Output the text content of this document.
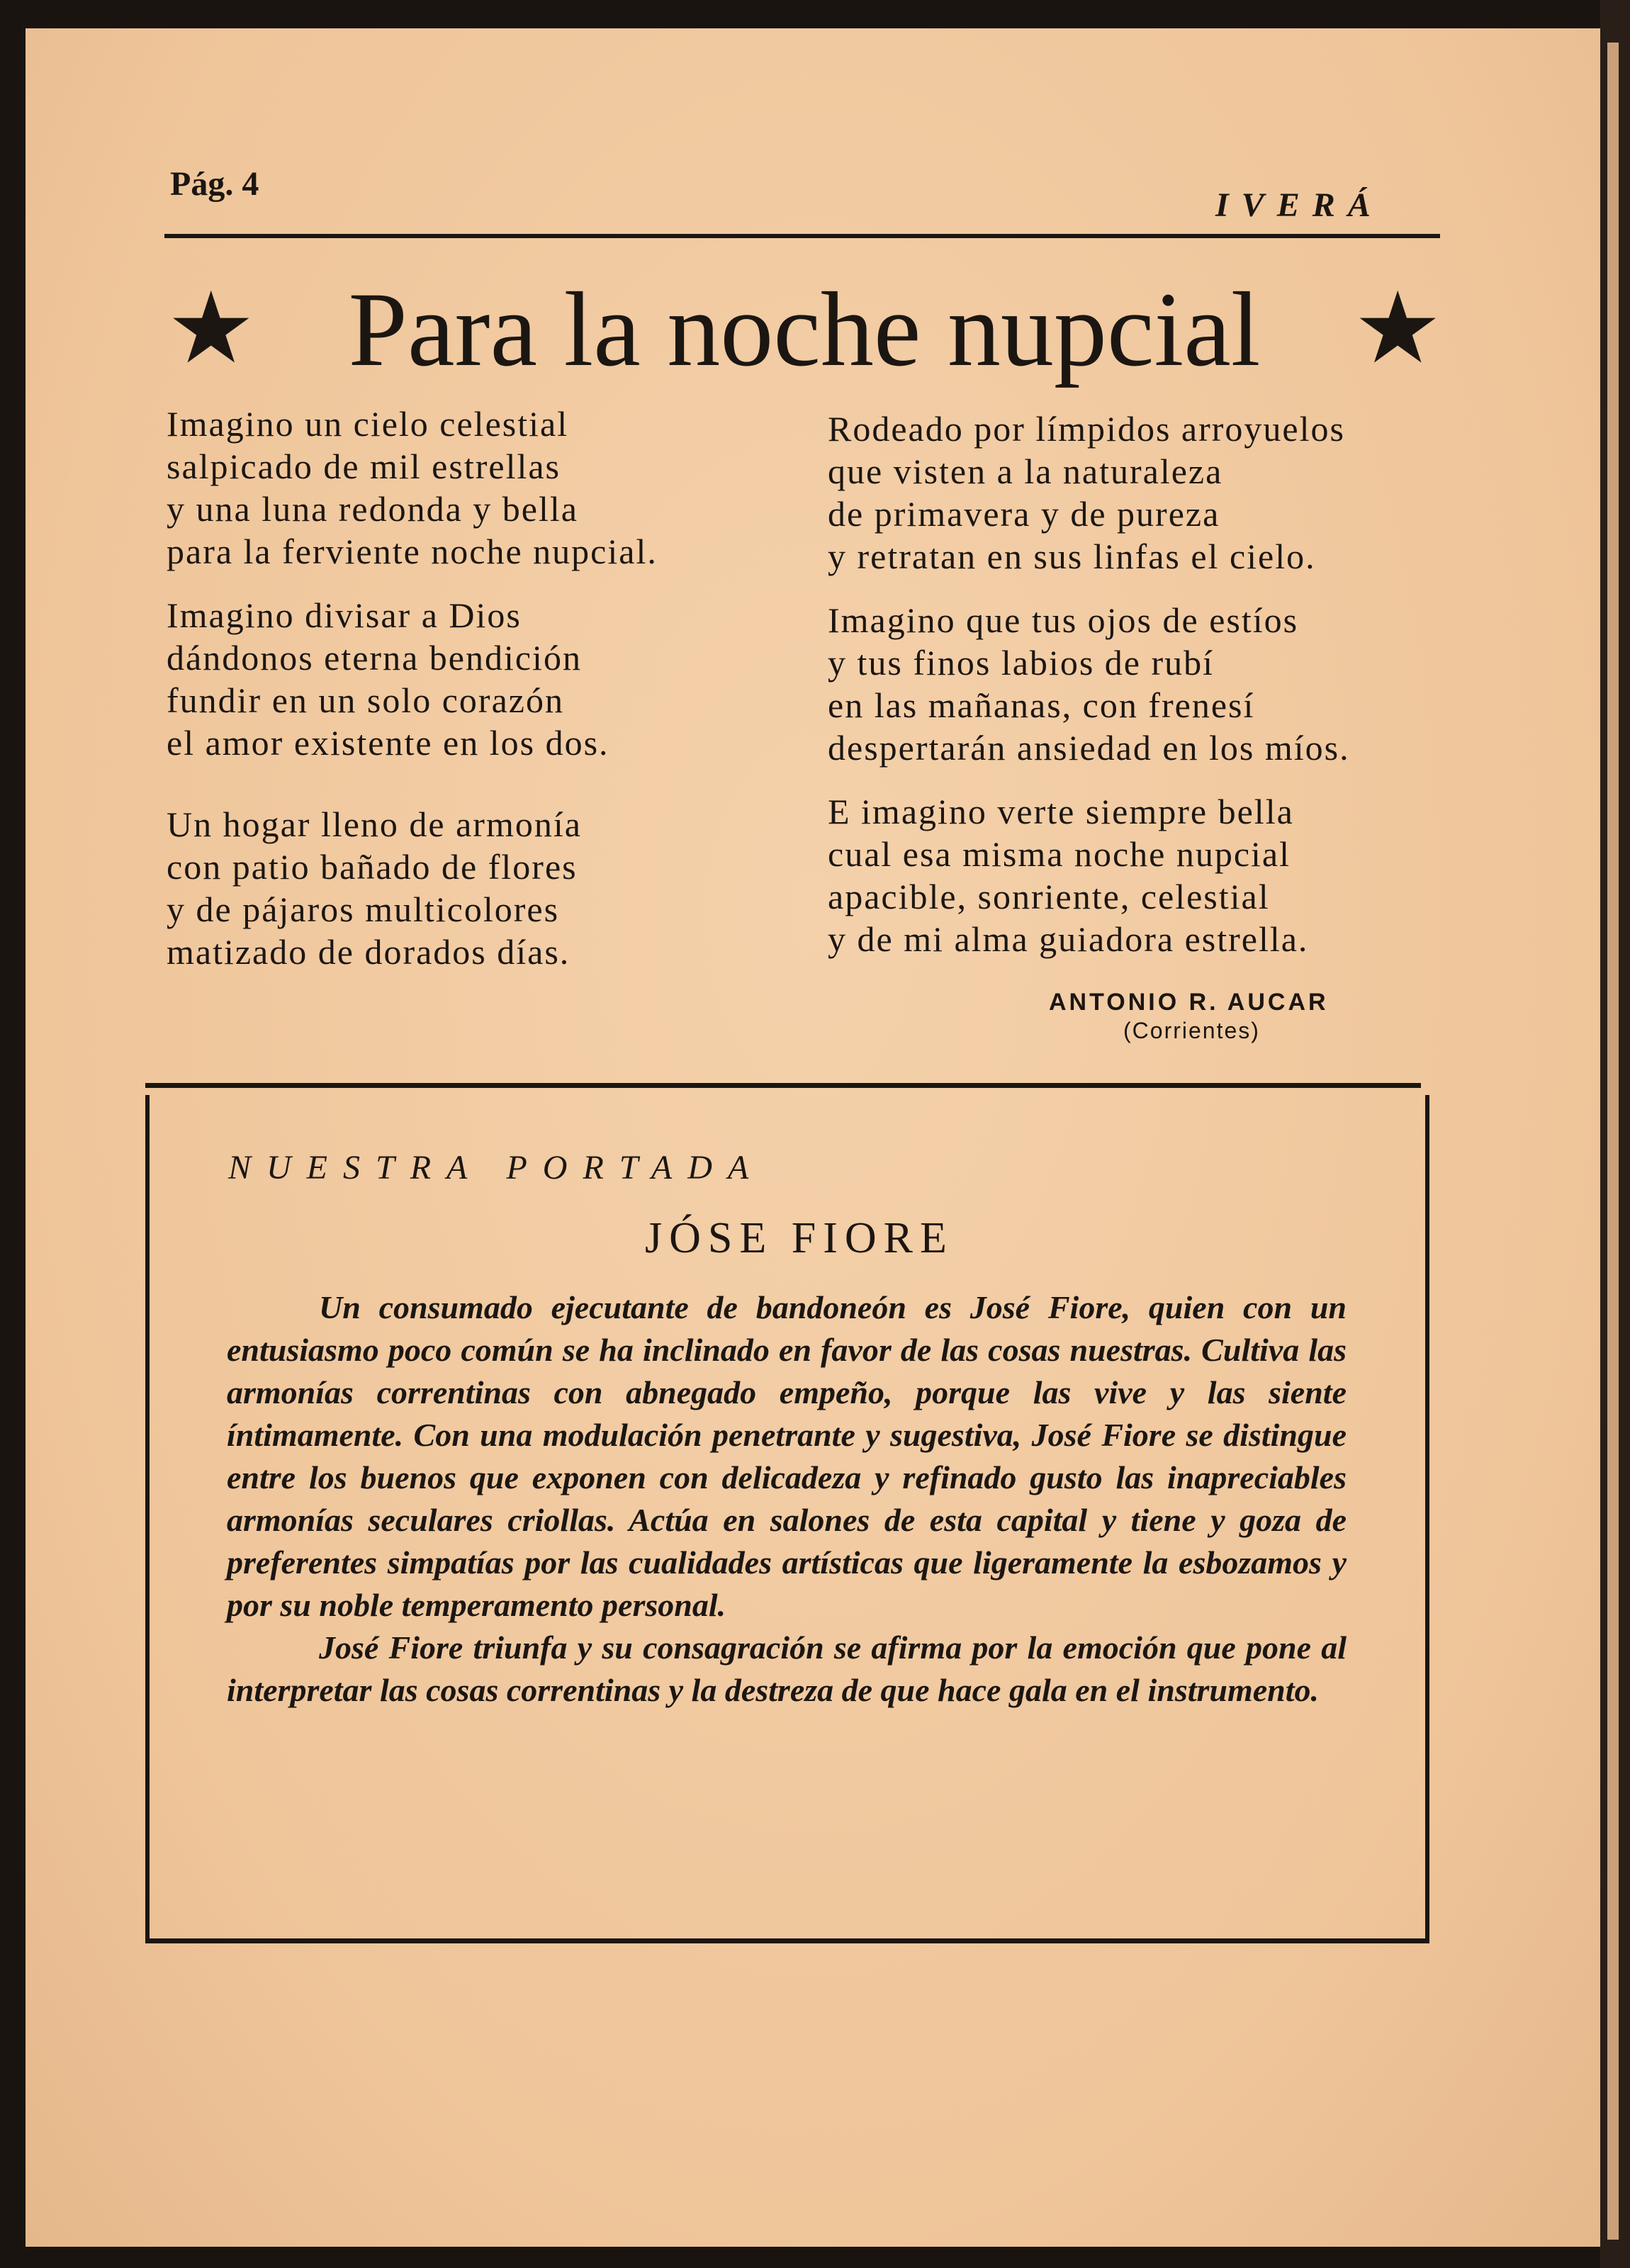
Pág. 4
IVERÁ
★ Para la noche nupcial ★
Imagino un cielo celestial
salpicado de mil estrellas
y una luna redonda y bella
para la ferviente noche nupcial.
Imagino divisar a Dios
dándonos eterna bendición
fundir en un solo corazón
el amor existente en los dos.
Un hogar lleno de armonía
con patio bañado de flores
y de pájaros multicolores
matizado de dorados días.
Rodeado por límpidos arroyuelos
que visten a la naturaleza
de primavera y de pureza
y retratan en sus linfas el cielo.
Imagino que tus ojos de estíos
y tus finos labios de rubí
en las mañanas, con frenesí
despertarán ansiedad en los míos.
E imagino verte siempre bella
cual esa misma noche nupcial
apacible, sonriente, celestial
y de mi alma guiadora estrella.
ANTONIO R. AUCAR
(Corrientes)
NUESTRA PORTADA
JÓSE FIORE

Un consumado ejecutante de bandoneón es José Fiore, quien con un entusiasmo poco común se ha inclinado en favor de las cosas nuestras. Cultiva las armonías correntinas con abnegado empeño, porque las vive y las siente íntimamente. Con una modulación penetrante y sugestiva, José Fiore se distingue entre los buenos que exponen con delicadeza y refinado gusto las inapreciables armonías seculares criollas. Actúa en salones de esta capital y tiene y goza de preferentes simpatías por las cualidades artísticas que ligeramente la esbozamos y por su noble temperamento personal.

José Fiore triunfa y su consagración se afirma por la emoción que pone al interpretar las cosas correntinas y la destreza de que hace gala en el instrumento.
